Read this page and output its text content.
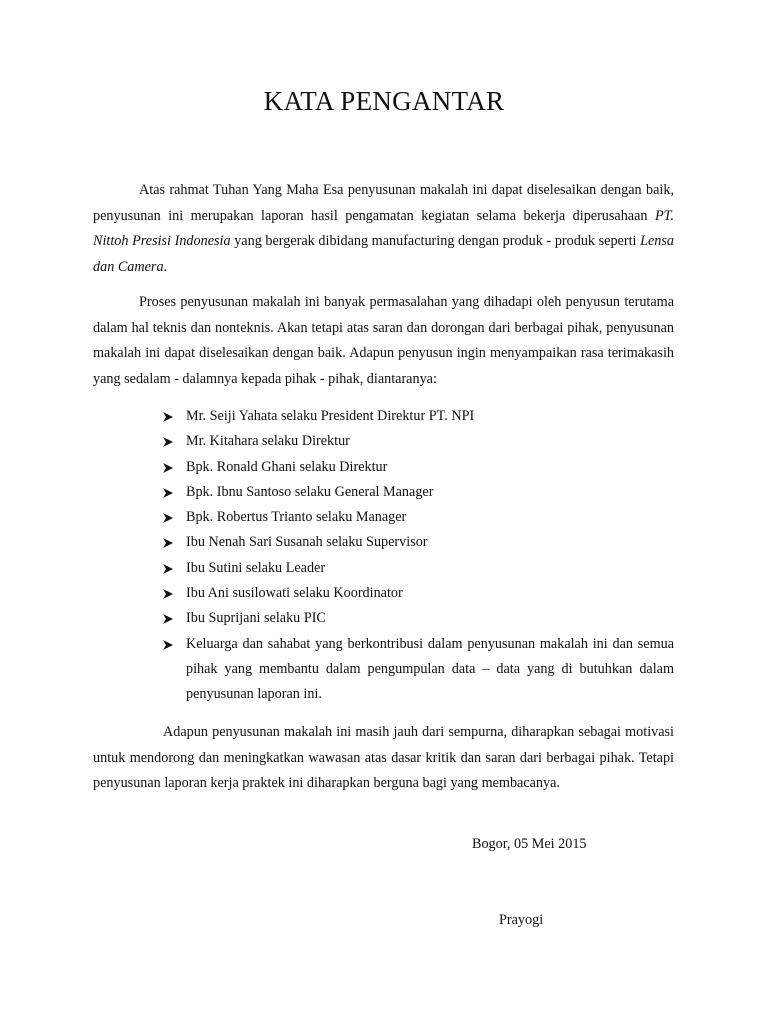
KATA PENGANTAR

Atas rahmat Tuhan Yang Maha Esa penyusunan makalah ini dapat diselesaikan dengan baik, penyusunan ini merupakan laporan hasil pengamatan kegiatan selama bekerja diperusahaan PT. Nittoh Presisi Indonesia yang bergerak dibidang manufacturing dengan produk - produk seperti Lensa dan Camera.

Proses penyusunan makalah ini banyak permasalahan yang dihadapi oleh penyusun terutama dalam hal teknis dan nonteknis. Akan tetapi atas saran dan dorongan dari berbagai pihak, penyusunan makalah ini dapat diselesaikan dengan baik. Adapun penyusun ingin menyampaikan rasa terimakasih yang sedalam - dalamnya kepada pihak - pihak, diantaranya:

Mr. Seiji Yahata selaku President Direktur PT. NPI
Mr. Kitahara selaku Direktur
Bpk. Ronald Ghani selaku Direktur
Bpk. Ibnu Santoso selaku General Manager
Bpk. Robertus Trianto selaku Manager
Ibu Nenah Sari Susanah selaku Supervisor
Ibu Sutini selaku Leader
Ibu Ani susilowati selaku Koordinator
Ibu Suprijani selaku PIC
Keluarga dan sahabat yang berkontribusi dalam penyusunan makalah ini dan semua pihak yang membantu dalam pengumpulan data – data yang di butuhkan dalam penyusunan laporan ini.

Adapun penyusunan makalah ini masih jauh dari sempurna, diharapkan sebagai motivasi untuk mendorong dan meningkatkan wawasan atas dasar kritik dan saran dari berbagai pihak. Tetapi penyusunan laporan kerja praktek ini diharapkan berguna bagi yang membacanya.

Bogor, 05 Mei 2015

Prayogi
